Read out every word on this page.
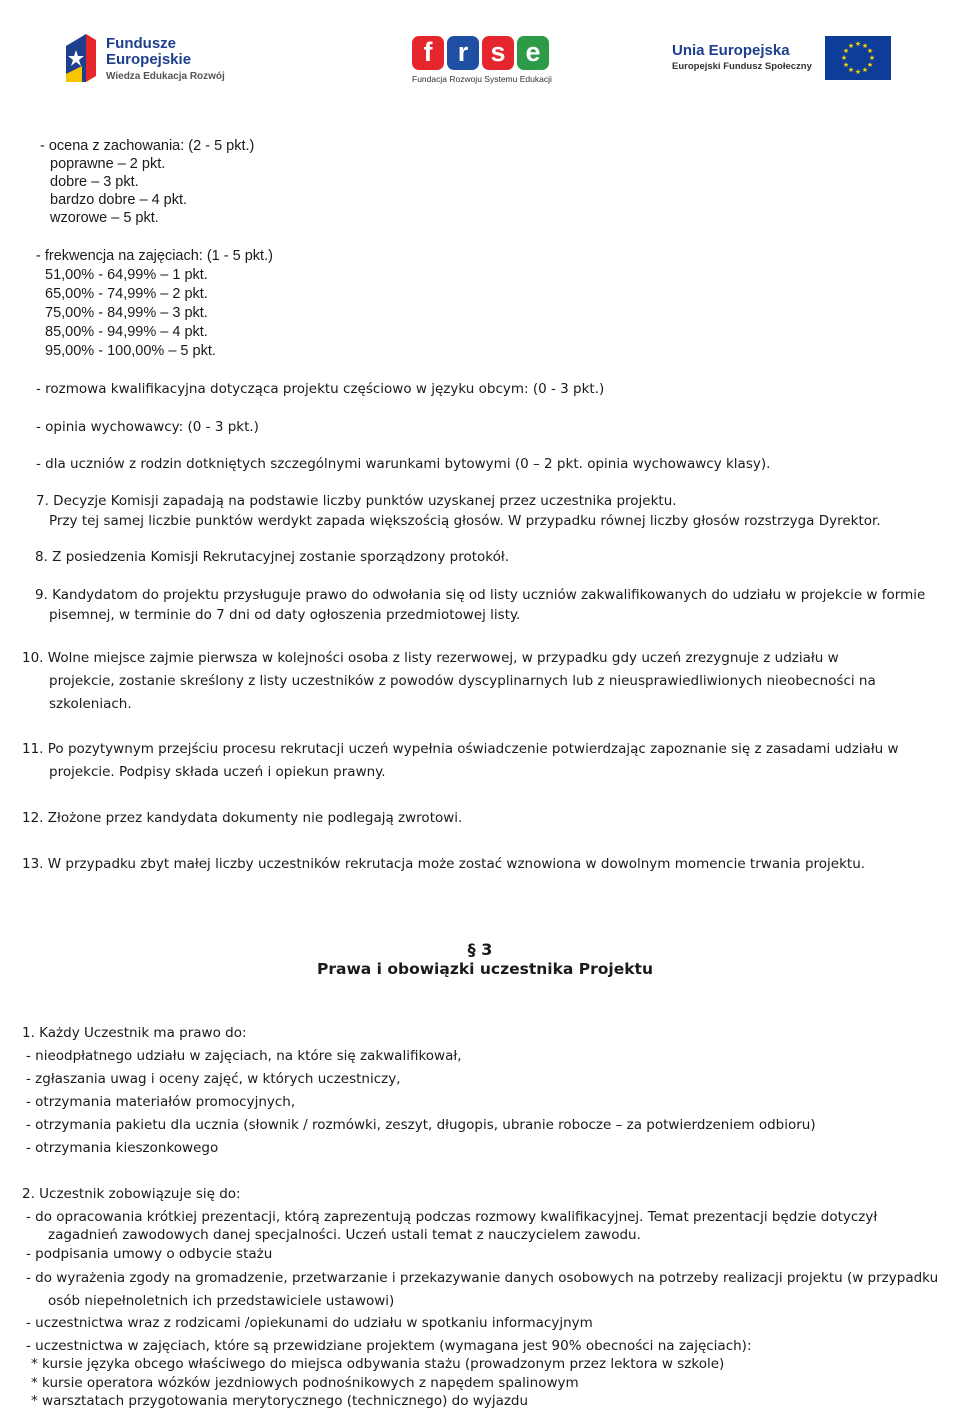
Fundusze
Europejskie
Wiedza Edukacja Rozwój
f r s e
Fundacja Rozwoju Systemu Edukacji
Unia Europejska
Europejski Fundusz Społeczny
★ ★
★
★
★
★
★
★
★
★
★
★
- ocena z zachowania: (2 - 5 pkt.)
poprawne – 2 pkt.
dobre – 3 pkt.
bardzo dobre – 4 pkt.
wzorowe – 5 pkt.
- frekwencja na zajęciach: (1 - 5 pkt.)
51,00% - 64,99% – 1 pkt.
65,00% - 74,99% – 2 pkt.
75,00% - 84,99% – 3 pkt.
85,00% - 94,99% – 4 pkt.
95,00% - 100,00% – 5 pkt.
- rozmowa kwalifikacyjna dotycząca projektu częściowo w języku obcym: (0 - 3 pkt.)
- opinia wychowawcy: (0 - 3 pkt.)
- dla uczniów z rodzin dotkniętych szczególnymi warunkami bytowymi (0 – 2 pkt. opinia wychowawcy klasy).
7. Decyzje Komisji zapadają na podstawie liczby punktów uzyskanej przez uczestnika projektu.
Przy tej samej liczbie punktów werdykt zapada większością głosów. W przypadku równej liczby głosów rozstrzyga Dyrektor.
8. Z posiedzenia Komisji Rekrutacyjnej zostanie sporządzony protokół.
9. Kandydatom do projektu przysługuje prawo do odwołania się od listy uczniów zakwalifikowanych do udziału w projekcie w formie
pisemnej, w terminie do 7 dni od daty ogłoszenia przedmiotowej listy.
10. Wolne miejsce zajmie pierwsza w kolejności osoba z listy rezerwowej, w przypadku gdy uczeń zrezygnuje z udziału w
projekcie, zostanie skreślony z listy uczestników z powodów dyscyplinarnych lub z nieusprawiedliwionych nieobecności na
szkoleniach.
11. Po pozytywnym przejściu procesu rekrutacji uczeń wypełnia oświadczenie potwierdzając zapoznanie się z zasadami udziału w
projekcie. Podpisy składa uczeń i opiekun prawny.
12. Złożone przez kandydata dokumenty nie podlegają zwrotowi.
13. W przypadku zbyt małej liczby uczestników rekrutacja może zostać wznowiona w dowolnym momencie trwania projektu.
§ 3
Prawa i obowiązki uczestnika Projektu
1. Każdy Uczestnik ma prawo do:
- nieodpłatnego udziału w zajęciach, na które się zakwalifikował,
- zgłaszania uwag i oceny zajęć, w których uczestniczy,
- otrzymania materiałów promocyjnych,
- otrzymania pakietu dla ucznia (słownik / rozmówki, zeszyt, długopis, ubranie robocze – za potwierdzeniem odbioru)
- otrzymania kieszonkowego
2. Uczestnik zobowiązuje się do:
- do opracowania krótkiej prezentacji, którą zaprezentują podczas rozmowy kwalifikacyjnej. Temat prezentacji będzie dotyczył
zagadnień zawodowych danej specjalności. Uczeń ustali temat z nauczycielem zawodu.
- podpisania umowy o odbycie stażu
- do wyrażenia zgody na gromadzenie, przetwarzanie i przekazywanie danych osobowych na potrzeby realizacji projektu (w przypadku
osób niepełnoletnich ich przedstawiciele ustawowi)
- uczestnictwa wraz z rodzicami /opiekunami do udziału w spotkaniu informacyjnym
- uczestnictwa w zajęciach, które są przewidziane projektem (wymagana jest 90% obecności na zajęciach):
* kursie języka obcego właściwego do miejsca odbywania stażu (prowadzonym przez lektora w szkole)
* kursie operatora wózków jezdniowych podnośnikowych z napędem spalinowym
* warsztatach przygotowania merytorycznego (technicznego) do wyjazdu
